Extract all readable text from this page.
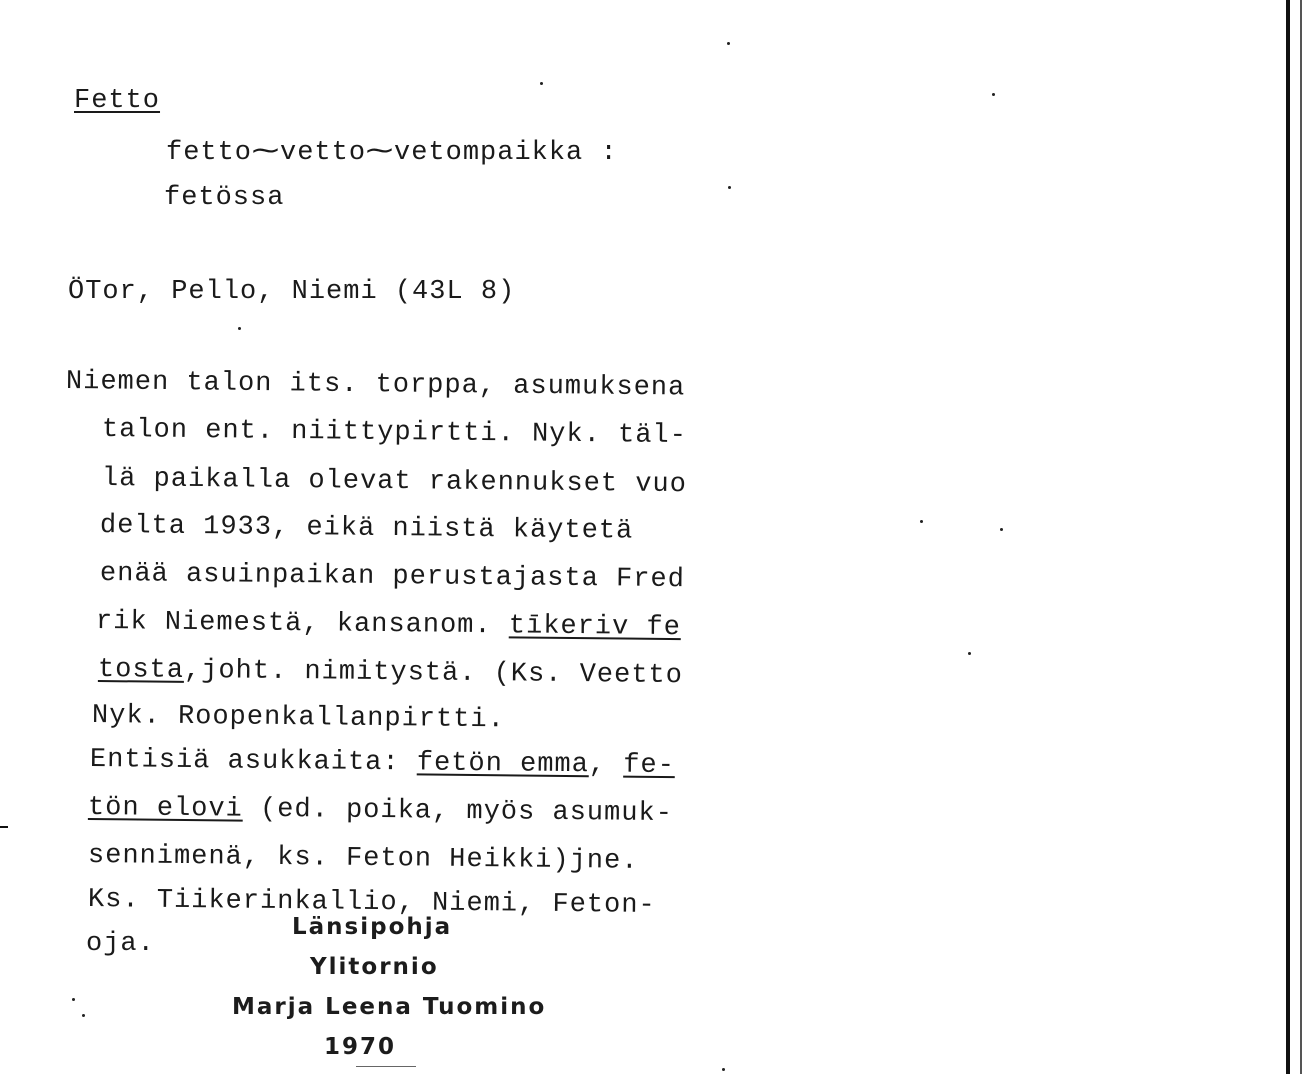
Fetto
fetto⁓vetto⁓vetompaikka :
fetössa
ÖTor, Pello, Niemi (43L 8)
Niemen talon its. torppa, asumuksena
talon ent. niittypirtti. Nyk. täl-
lä paikalla olevat rakennukset vuo
delta 1933, eikä niistä käytetä
enää asuinpaikan perustajasta Fred
rik Niemestä, kansanom. tīkeriv fe
tosta,joht. nimitystä. (Ks. Veetto
Nyk. Roopenkallanpirtti.
Entisiä asukkaita: fetön emma, fe-
tön elovi (ed. poika, myös asumuk-
sennimenä, ks. Feton Heikki)jne.
Ks. Tiikerinkallio, Niemi, Feton-
oja.
Länsipohja
Ylitornio
Marja Leena Tuomino
1970
